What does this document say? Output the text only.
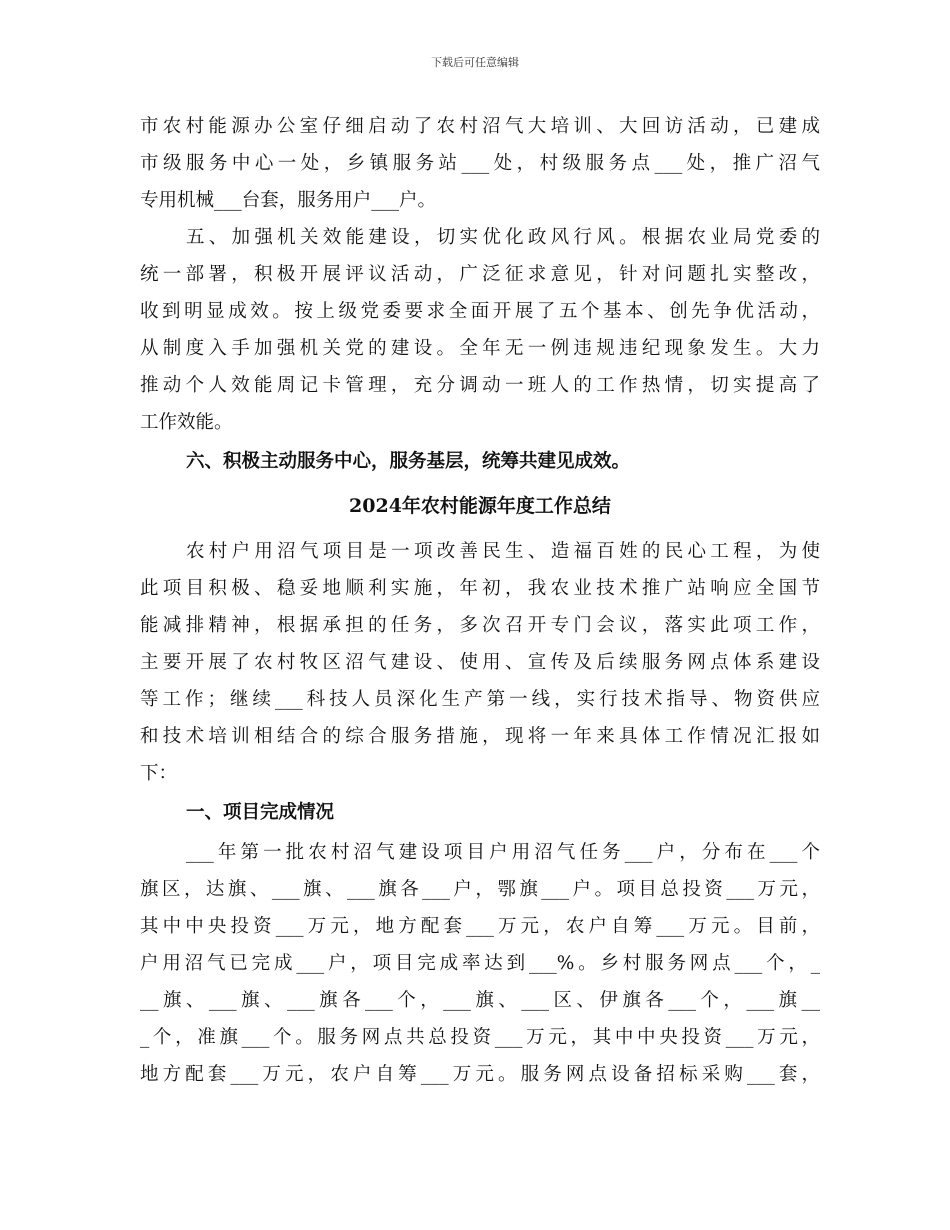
下载后可任意编辑
市农村能源办公室仔细启动了农村沼气大培训、大回访活动，已建成
市级服务中心一处，乡镇服务站___处，村级服务点___处，推广沼气
专用机械___台套，服务用户___户。
五、加强机关效能建设，切实优化政风行风。根据农业局党委的
统一部署，积极开展评议活动，广泛征求意见，针对问题扎实整改，
收到明显成效。按上级党委要求全面开展了五个基本、创先争优活动，
从制度入手加强机关党的建设。全年无一例违规违纪现象发生。大力
推动个人效能周记卡管理，充分调动一班人的工作热情，切实提高了
工作效能。
六、积极主动服务中心，服务基层，统筹共建见成效。
2024年农村能源年度工作总结
农村户用沼气项目是一项改善民生、造福百姓的民心工程，为使
此项目积极、稳妥地顺利实施，年初，我农业技术推广站响应全国节
能减排精神，根据承担的任务，多次召开专门会议，落实此项工作，
主要开展了农村牧区沼气建设、使用、宣传及后续服务网点体系建设
等工作；继续___科技人员深化生产第一线，实行技术指导、物资供应
和技术培训相结合的综合服务措施，现将一年来具体工作情况汇报如
下：
一、项目完成情况
___年第一批农村沼气建设项目户用沼气任务___户，分布在___个
旗区，达旗、___旗、___旗各___户，鄂旗___户。项目总投资___万元，
其中中央投资___万元，地方配套___万元，农户自筹___万元。目前，
户用沼气已完成___户，项目完成率达到___%。乡村服务网点___个，_
__旗、___旗、___旗各___个，___旗、___区、伊旗各___个，___旗__
_个，准旗___个。服务网点共总投资___万元，其中中央投资___万元，
地方配套___万元，农户自筹___万元。服务网点设备招标采购___套，
